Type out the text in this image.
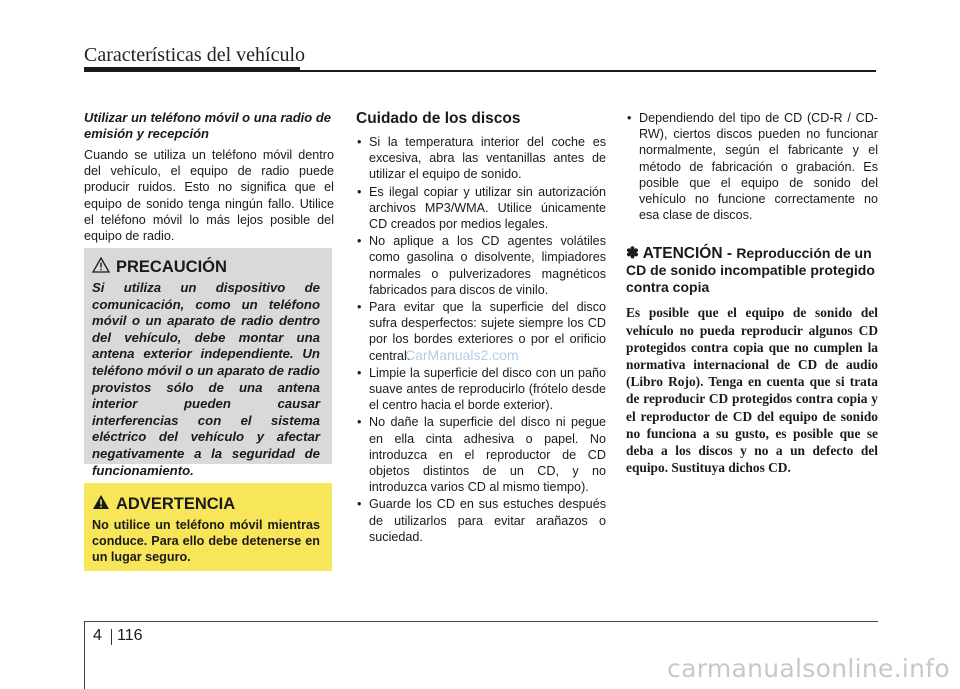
Características del vehículo
Utilizar un teléfono móvil o una radio de emisión y recepción

Cuando se utiliza un teléfono móvil dentro del vehículo, el equipo de radio puede producir ruidos. Esto no significa que el equipo de sonido tenga ningún fallo. Utilice el teléfono móvil lo más lejos posible del equipo de radio.

PRECAUCIÓN

Si utiliza un dispositivo de comunicación, como un teléfono móvil o un aparato de radio dentro del vehículo, debe montar una antena exterior independiente. Un teléfono móvil o un aparato de radio provistos sólo de una antena interior pueden causar interferencias con el sistema eléctrico del vehículo y afectar negativamente a la seguridad de funcionamiento.

ADVERTENCIA

No utilice un teléfono móvil mientras conduce. Para ello debe detenerse en un lugar seguro.

Cuidado de los discos
• Si la temperatura interior del coche es excesiva, abra las ventanillas antes de utilizar el equipo de sonido.
• Es ilegal copiar y utilizar sin autorización archivos MP3/WMA. Utilice únicamente CD creados por medios legales.
• No aplique a los CD agentes volátiles como gasolina o disolvente, limpiadores normales o pulverizadores magnéticos fabricados para discos de vinilo.
• Para evitar que la superficie del disco sufra desperfectos: sujete siempre los CD por los bordes exteriores o por el orificio central.
• Limpie la superficie del disco con un paño suave antes de reproducirlo (frótelo desde el centro hacia el borde exterior).
• No dañe la superficie del disco ni pegue en ella cinta adhesiva o papel. No introduzca en el reproductor de CD objetos distintos de un CD, y no introduzca varios CD al mismo tiempo).
• Guarde los CD en sus estuches después de utilizarlos para evitar arañazos o suciedad.
CarManuals2.com
• Dependiendo del tipo de CD (CD-R / CD-RW), ciertos discos pueden no funcionar normalmente, según el fabricante y el método de fabricación o grabación. Es posible que el equipo de sonido del vehículo no funcione correctamente no esa clase de discos.
✽ ATENCIÓN - Reproducción de un CD de sonido incompatible protegido contra copia

Es posible que el equipo de sonido del vehículo no pueda reproducir algunos CD protegidos contra copia que no cumplen la normativa internacional de CD de audio (Libro Rojo). Tenga en cuenta que si trata de reproducir CD protegidos contra copia y el reproductor de CD del equipo de sonido no funciona a su gusto, es posible que se deba a los discos y no a un defecto del equipo. Sustituya dichos CD.

4 116
carmanualsonline.info
